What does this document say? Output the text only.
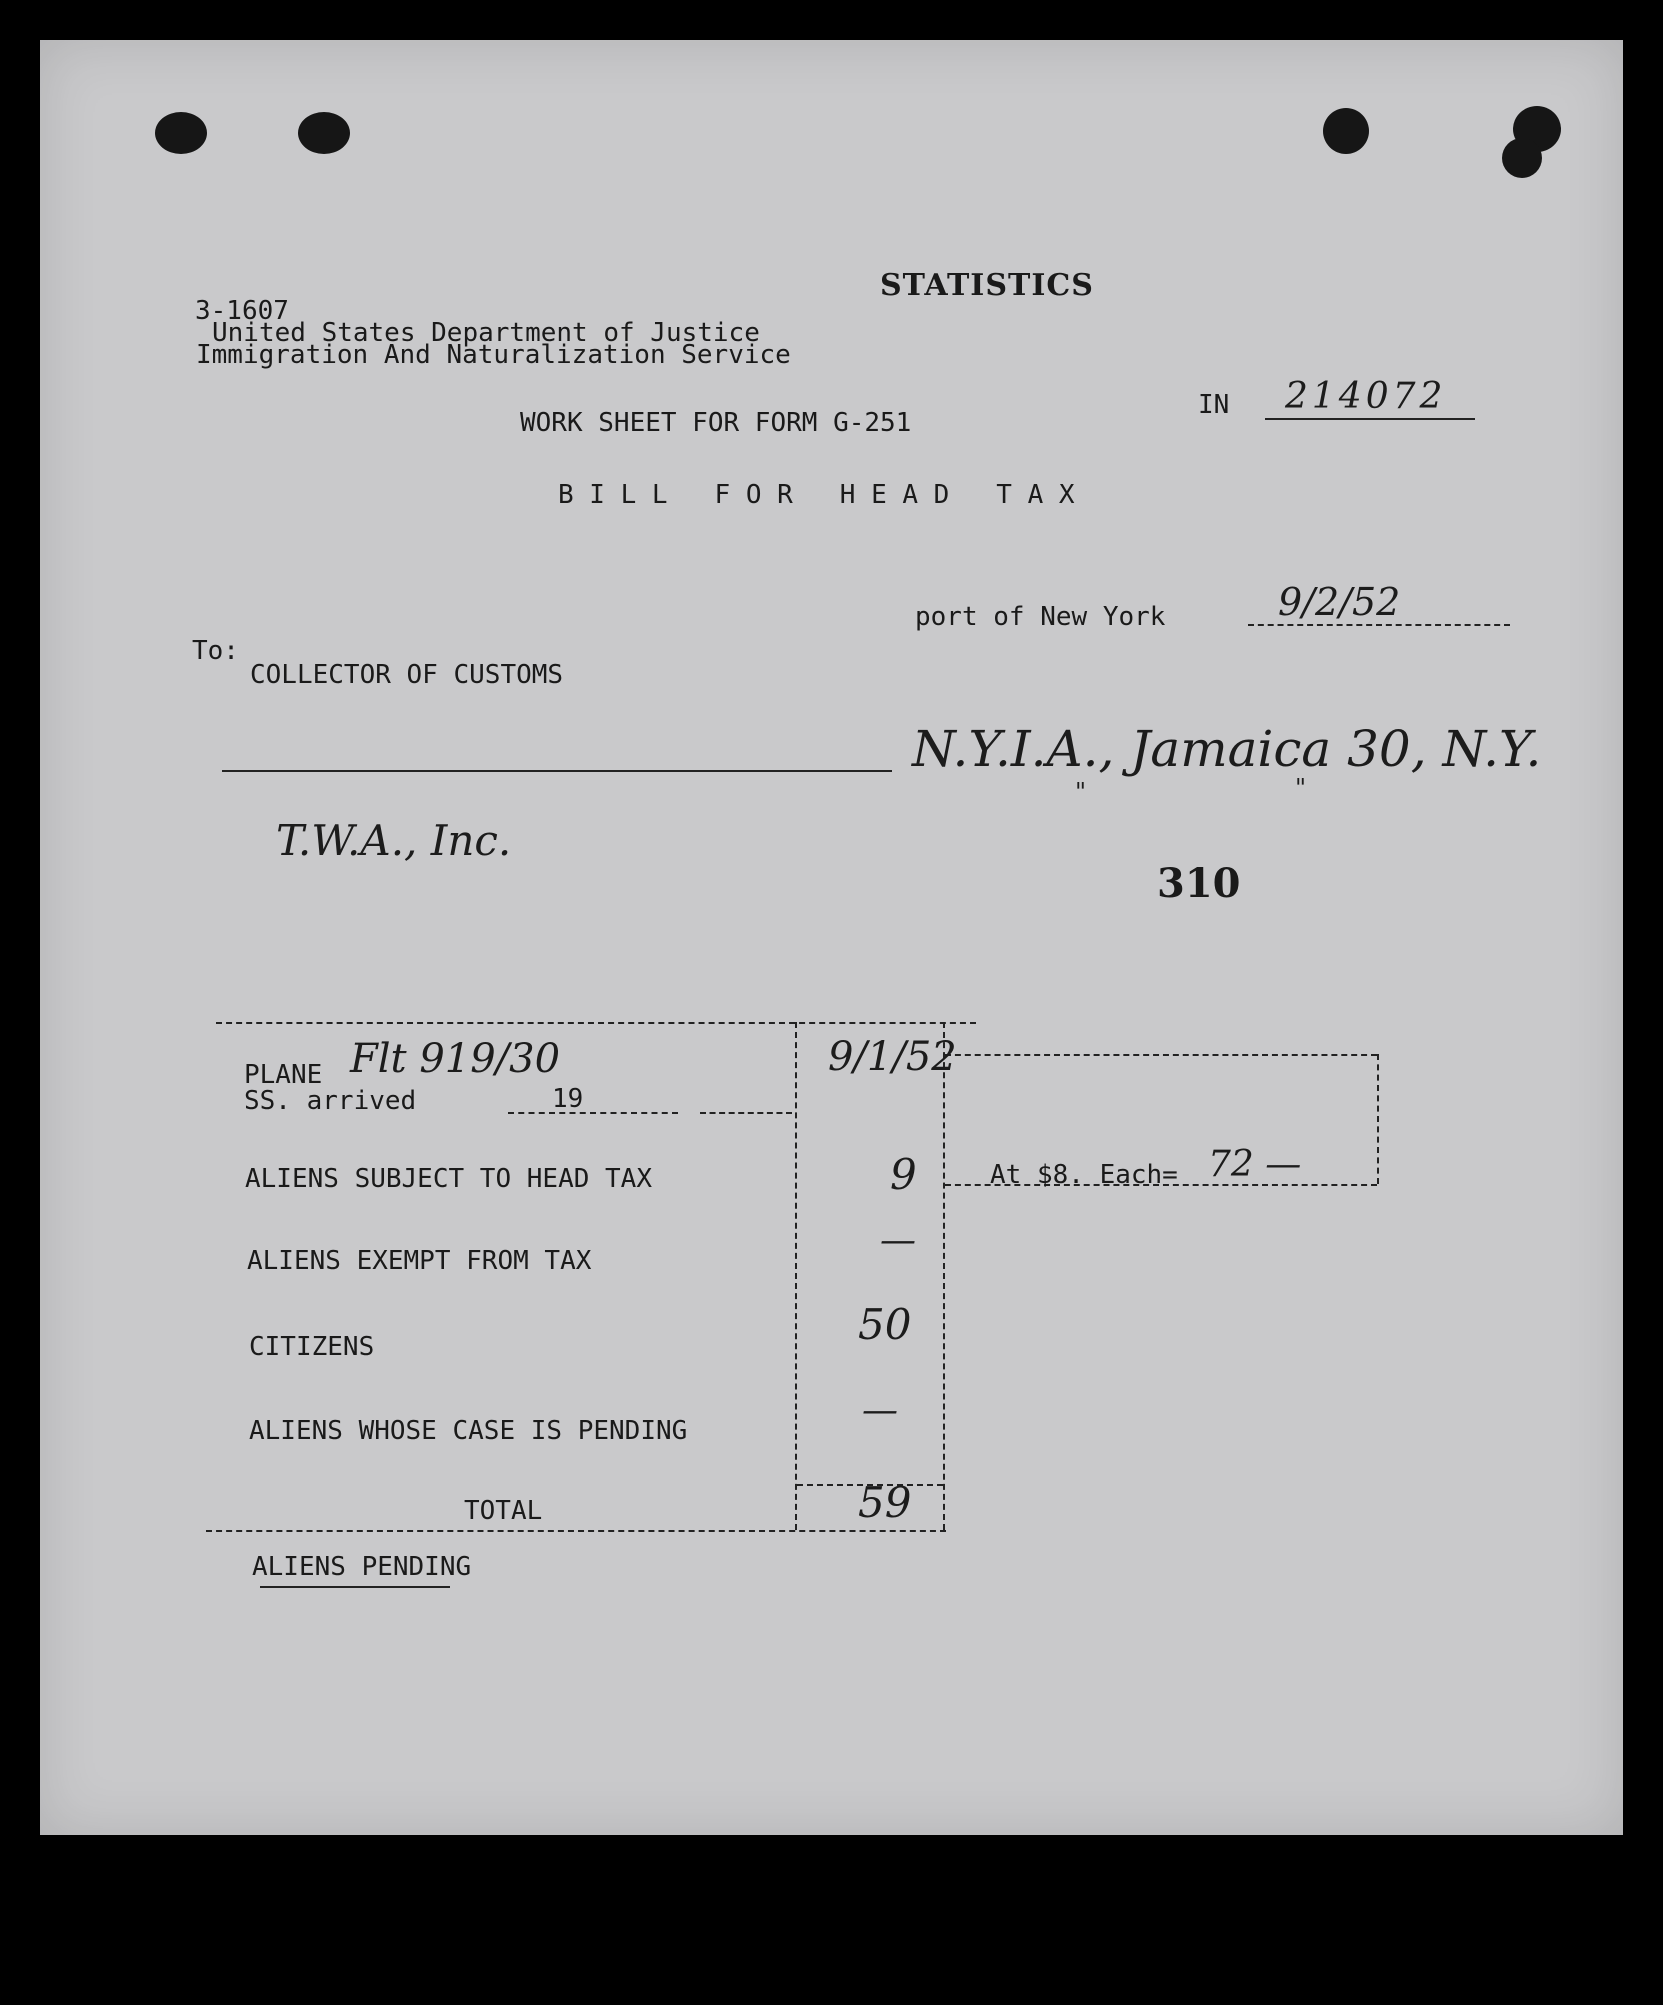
3-1607
STATISTICS
United States Department of Justice
Immigration And Naturalization Service
IN 214072
WORK SHEET FOR FORM G-251
B I L L   F O R   H E A D   T A X
port of New York	9/2/52
To:
COLLECTOR OF CUSTOMS
N.Y.I.A., Jamaica 30, N.Y.
"	"
T.W.A., Inc.
310
PLANE Flt 919/30
SS. arrived	19
9/1/52
ALIENS SUBJECT TO HEAD TAX	9	At $8. Each= 72 —
ALIENS EXEMPT FROM TAX	—
CITIZENS	50
ALIENS WHOSE CASE IS PENDING	—
TOTAL	59
ALIENS PENDING
